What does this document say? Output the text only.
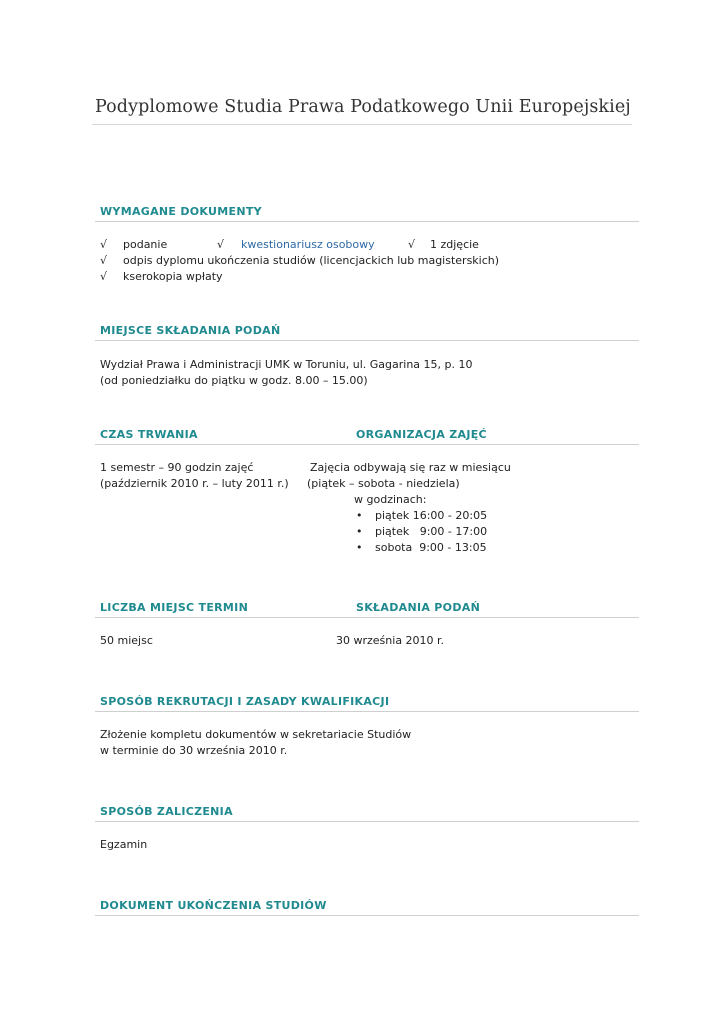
Podyplomowe Studia Prawa Podatkowego Unii Europejskiej
WYMAGANE DOKUMENTY
√ podanie	√ kwestionariusz osobowy	√ 1 zdjęcie
√ odpis dyplomu ukończenia studiów (licencjackich lub magisterskich)
√ kserokopia wpłaty
MIEJSCE SKŁADANIA PODAŃ
Wydział Prawa i Administracji UMK w Toruniu, ul. Gagarina 15, p. 10
(od poniedziałku do piątku w godz. 8.00 – 15.00)
CZAS TRWANIA	ORGANIZACJA ZAJĘĆ
1 semestr – 90 godzin zajęć
(październik 2010 r. – luty 2011 r.)
Zajęcia odbywają się raz w miesiącu
(piątek – sobota - niedziela)
w godzinach:
• piątek 16:00 - 20:05
• piątek   9:00 - 17:00
• sobota  9:00 - 13:05
LICZBA MIEJSC TERMIN	SKŁADANIA PODAŃ
50 miejsc	30 września 2010 r.
SPOSÓB REKRUTACJI I ZASADY KWALIFIKACJI
Złożenie kompletu dokumentów w sekretariacie Studiów
w terminie do 30 września 2010 r.
SPOSÓB ZALICZENIA
Egzamin
DOKUMENT UKOŃCZENIA STUDIÓW
